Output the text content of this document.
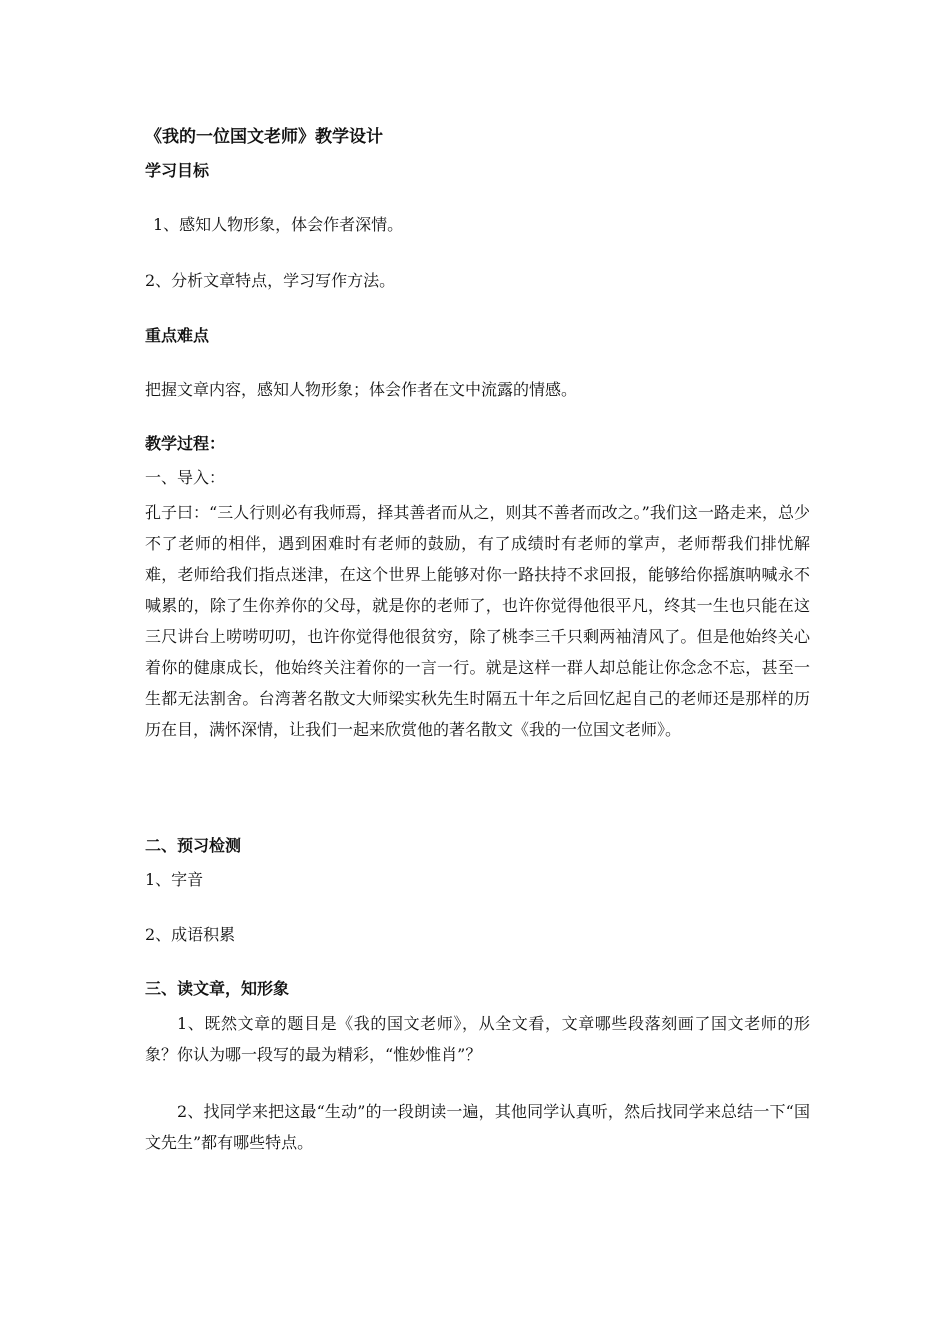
《我的一位国文老师》教学设计
学习目标
1、感知人物形象，体会作者深情。
2、分析文章特点，学习写作方法。
重点难点
把握文章内容，感知人物形象；体会作者在文中流露的情感。
教学过程：
一、导入：
孔子曰：“三人行则必有我师焉，择其善者而从之，则其不善者而改之。”我们这一路走来，总少不了老师的相伴，遇到困难时有老师的鼓励，有了成绩时有老师的掌声，老师帮我们排忧解难，老师给我们指点迷津，在这个世界上能够对你一路扶持不求回报，能够给你摇旗呐喊永不喊累的，除了生你养你的父母，就是你的老师了，也许你觉得他很平凡，终其一生也只能在这三尺讲台上唠唠叨叨，也许你觉得他很贫穷，除了桃李三千只剩两袖清风了。但是他始终关心着你的健康成长，他始终关注着你的一言一行。就是这样一群人却总能让你念念不忘，甚至一生都无法割舍。台湾著名散文大师梁实秋先生时隔五十年之后回忆起自己的老师还是那样的历历在目，满怀深情，让我们一起来欣赏他的著名散文《我的一位国文老师》。
二、预习检测
1、字音
2、成语积累
三、读文章，知形象
1、既然文章的题目是《我的国文老师》，从全文看，文章哪些段落刻画了国文老师的形象？你认为哪一段写的最为精彩，“惟妙惟肖”？
2、找同学来把这最“生动”的一段朗读一遍，其他同学认真听，然后找同学来总结一下“国文先生”都有哪些特点。
